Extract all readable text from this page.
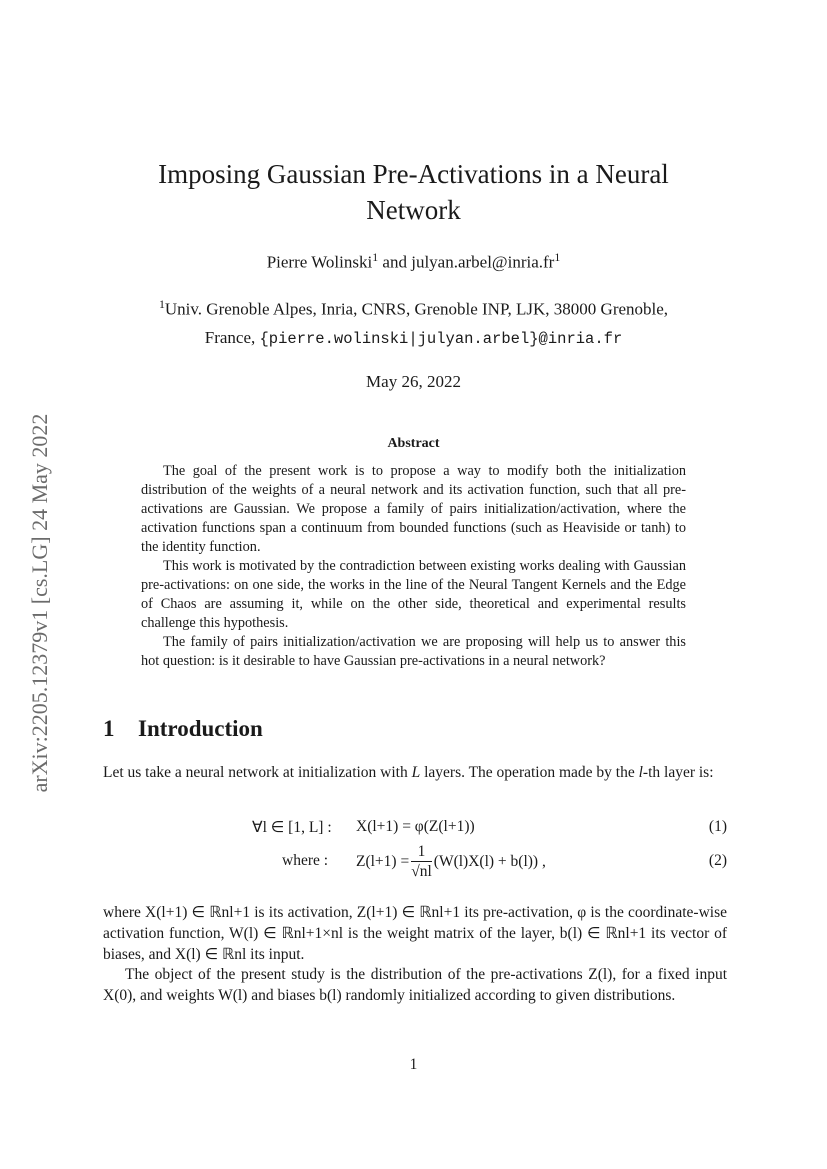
arXiv:2205.12379v1 [cs.LG] 24 May 2022
Imposing Gaussian Pre-Activations in a Neural
Network
Pierre Wolinski$^1$ and $julyan.arbel@inria.fr^1$
$^1$Univ. Grenoble Alpes, Inria, CNRS, Grenoble INP, LJK, 38000 Grenoble,
France, {pierre.wolinski|julyan.arbel}@inria.fr
May 26, 2022
Abstract

The goal of the present work is to propose a way to modify both the initialization distribution of the weights of a neural network and its activation function, such that all pre-activations are Gaussian. We propose a family of pairs initialization/activation, where the activation functions span a continuum from bounded functions (such as Heaviside or tanh) to the identity function.

This work is motivated by the contradiction between existing works dealing with Gaussian pre-activations: on one side, the works in the line of the Neural Tangent Kernels and the Edge of Chaos are assuming it, while on the other side, theoretical and experimental results challenge this hypothesis.

The family of pairs initialization/activation we are proposing will help us to answer this hot question: is it desirable to have Gaussian pre-activations in a neural network?

1 Introduction

Let us take a neural network at initialization with L layers. The operation made by the l-th layer is:

∀l ∈ [1, L] : X(l+1) = φ(Z(l+1))	(1)
where : $Z(l+1) = \frac{1}{√nl} (W(l)X(l) + b(l))$ ,	(2)

where X(l+1) ∈ ℝnl+1 is its activation, Z(l+1) ∈ ℝnl+1 its pre-activation, φ is the coordinate-wise activation function, W(l) ∈ ℝnl+1×nl is the weight matrix of the layer, b(l) ∈ ℝnl+1 its vector of biases, and X(l) ∈ ℝnl its input.

The object of the present study is the distribution of the pre-activations Z(l), for a fixed input X(0), and weights W(l) and biases b(l) randomly initialized according to given distributions.

1
